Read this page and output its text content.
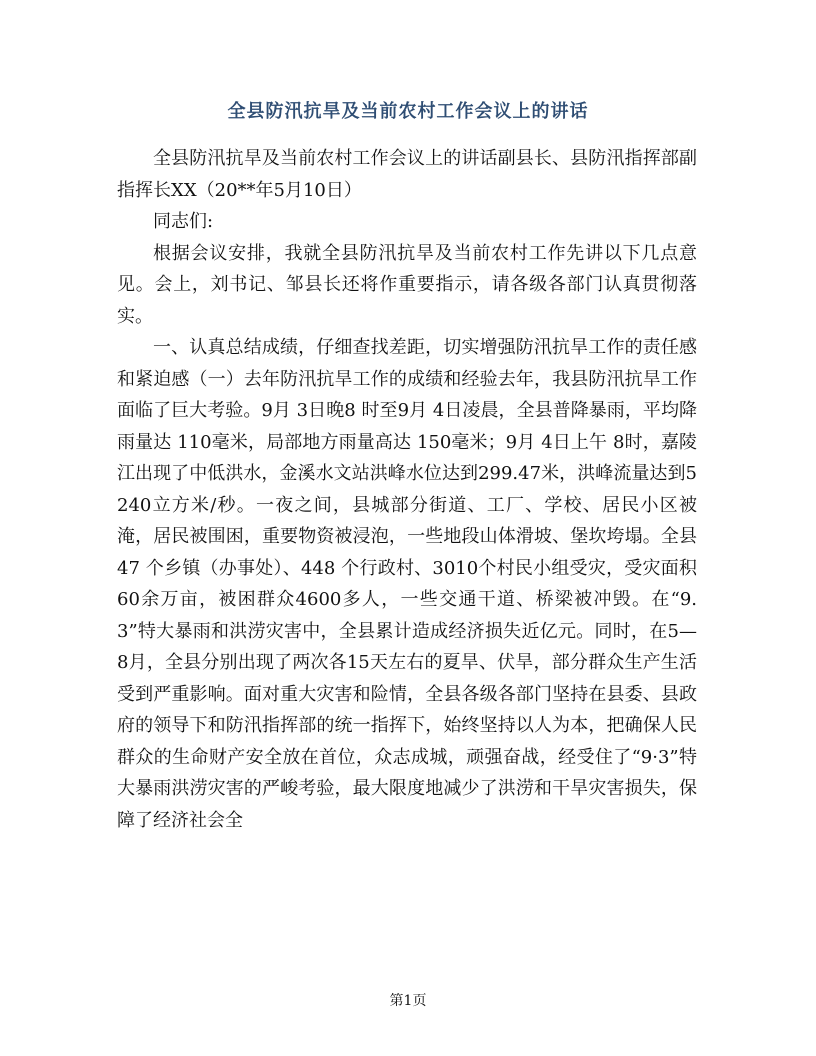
全县防汛抗旱及当前农村工作会议上的讲话

全县防汛抗旱及当前农村工作会议上的讲话副县长、县防汛指挥部副指挥长XX（20**年5月10日）

同志们:

根据会议安排，我就全县防汛抗旱及当前农村工作先讲以下几点意见。会上，刘书记、邹县长还将作重要指示，请各级各部门认真贯彻落实。

一、认真总结成绩，仔细查找差距，切实增强防汛抗旱工作的责任感和紧迫感（一）去年防汛抗旱工作的成绩和经验去年，我县防汛抗旱工作面临了巨大考验。9月 3日晚8 时至9月 4日凌晨，全县普降暴雨，平均降雨量达 110毫米，局部地方雨量高达 150毫米；9月 4日上午 8时，嘉陵江出现了中低洪水，金溪水文站洪峰水位达到299.47米，洪峰流量达到5240立方米/秒。一夜之间，县城部分街道、工厂、学校、居民小区被淹，居民被围困，重要物资被浸泡，一些地段山体滑坡、堡坎垮塌。全县 47 个乡镇（办事处）、448 个行政村、3010个村民小组受灾，受灾面积60余万亩，被困群众4600多人，一些交通干道、桥梁被冲毁。在“9.3”特大暴雨和洪涝灾害中，全县累计造成经济损失近亿元。同时，在5—8月，全县分别出现了两次各15天左右的夏旱、伏旱，部分群众生产生活受到严重影响。面对重大灾害和险情，全县各级各部门坚持在县委、县政府的领导下和防汛指挥部的统一指挥下，始终坚持以人为本，把确保人民群众的生命财产安全放在首位，众志成城，顽强奋战，经受住了“9·3”特大暴雨洪涝灾害的严峻考验，最大限度地减少了洪涝和干旱灾害损失，保障了经济社会全

第1页
